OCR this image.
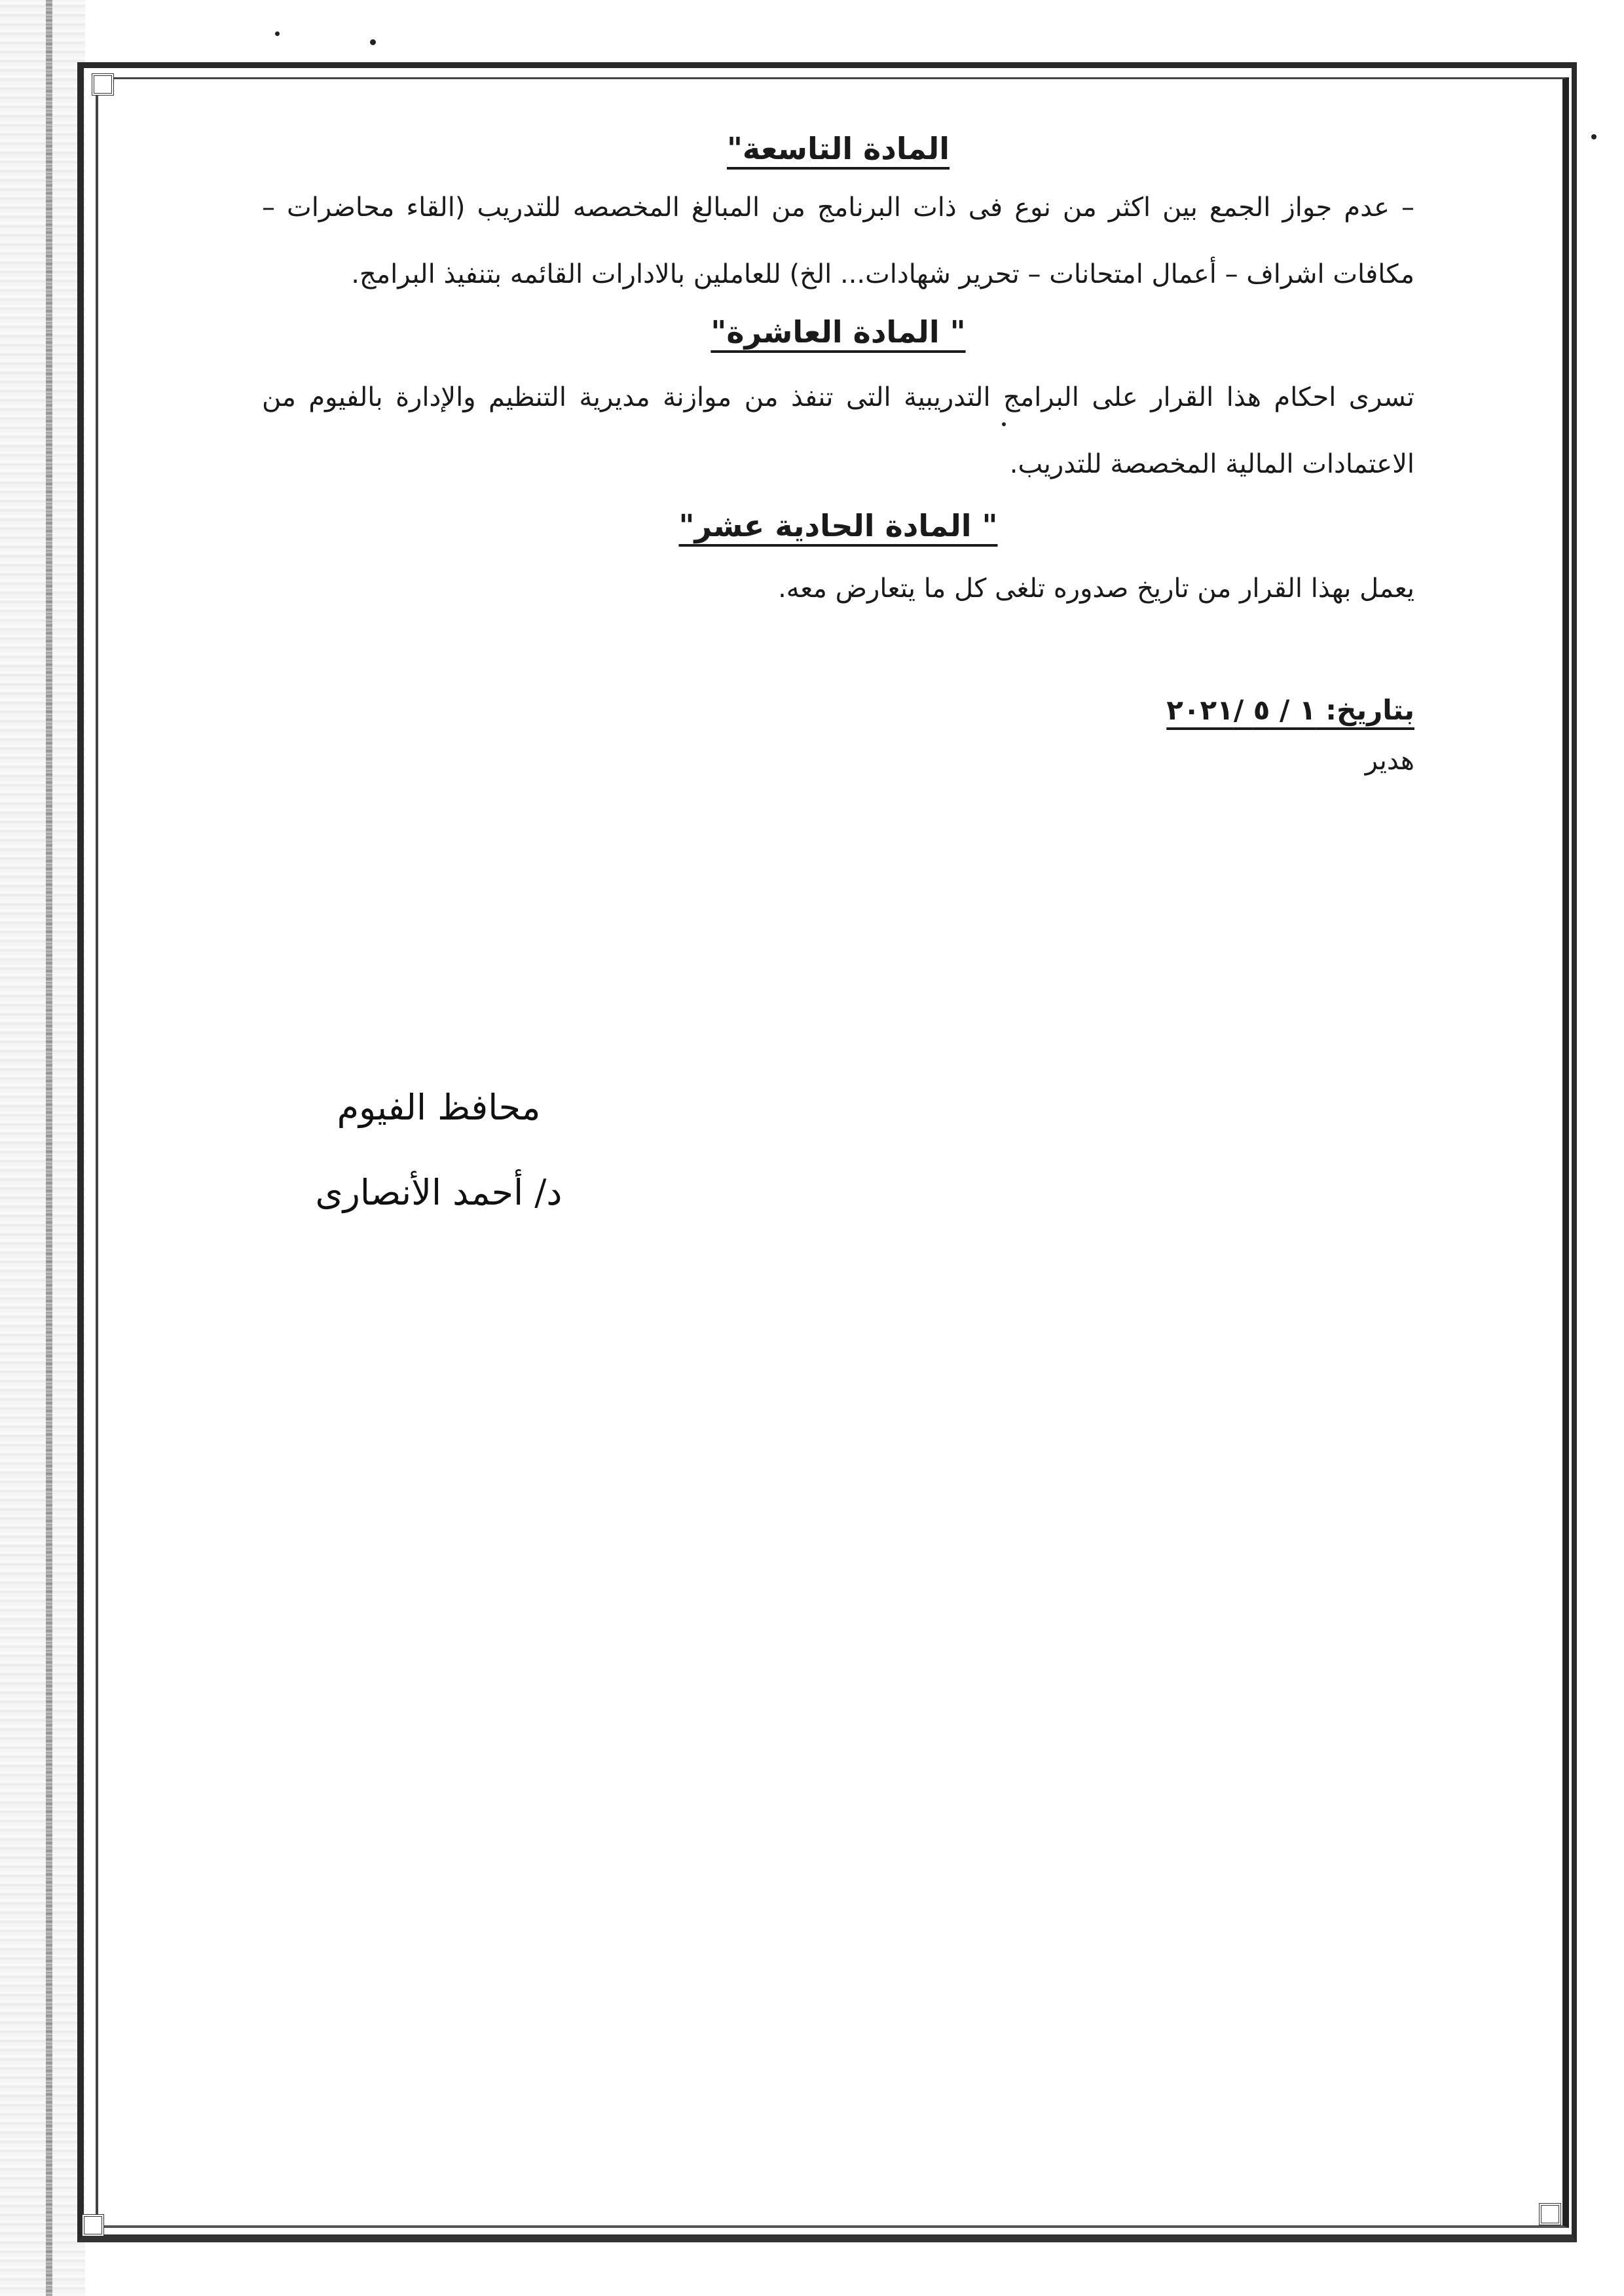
المادة التاسعة"

– عدم جواز الجمع بين اكثر من نوع فى ذات البرنامج من المبالغ المخصصه للتدريب (القاء محاضرات – مكافات اشراف – أعمال امتحانات – تحرير شهادات... الخ) للعاملين بالادارات القائمه بتنفيذ البرامج.

" المادة العاشرة"

تسرى احكام هذا القرار على البرامج التدريبية التى تنفذ من موازنة مديرية التنظيم والإدارة بالفيوم من الاعتمادات المالية المخصصة للتدريب.

" المادة الحادية عشر"

يعمل بهذا القرار من تاريخ صدوره تلغى كل ما يتعارض معه.

بتاريخ: ١ / ٥ /٢٠٢١

هدير

محافظ الفيوم

د/ أحمد الأنصارى
